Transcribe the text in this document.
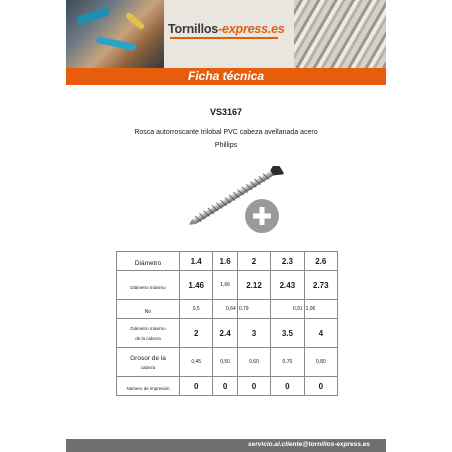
Tornillos-express.es
Ficha técnica
VS3167
Rosca autorroscante trilobal PVC cabeza avellanada acero
Phillips
Diámetro	1.4	1.6	2	2.3	2.6
Diámetro máximo	1.46	1,66	2.12	2.43	2.73
No	0,5	0,64	0,79	0,91	1,06

Diámetro máximo
de la cabeza	2	2.4	3	3.5	4

Grosor de la
cabeza	0,45	0,50	0,60	0,70	0,80
Número de impresión	0	0	0	0	0
servicio.al.cliente@tornillos-express.es
